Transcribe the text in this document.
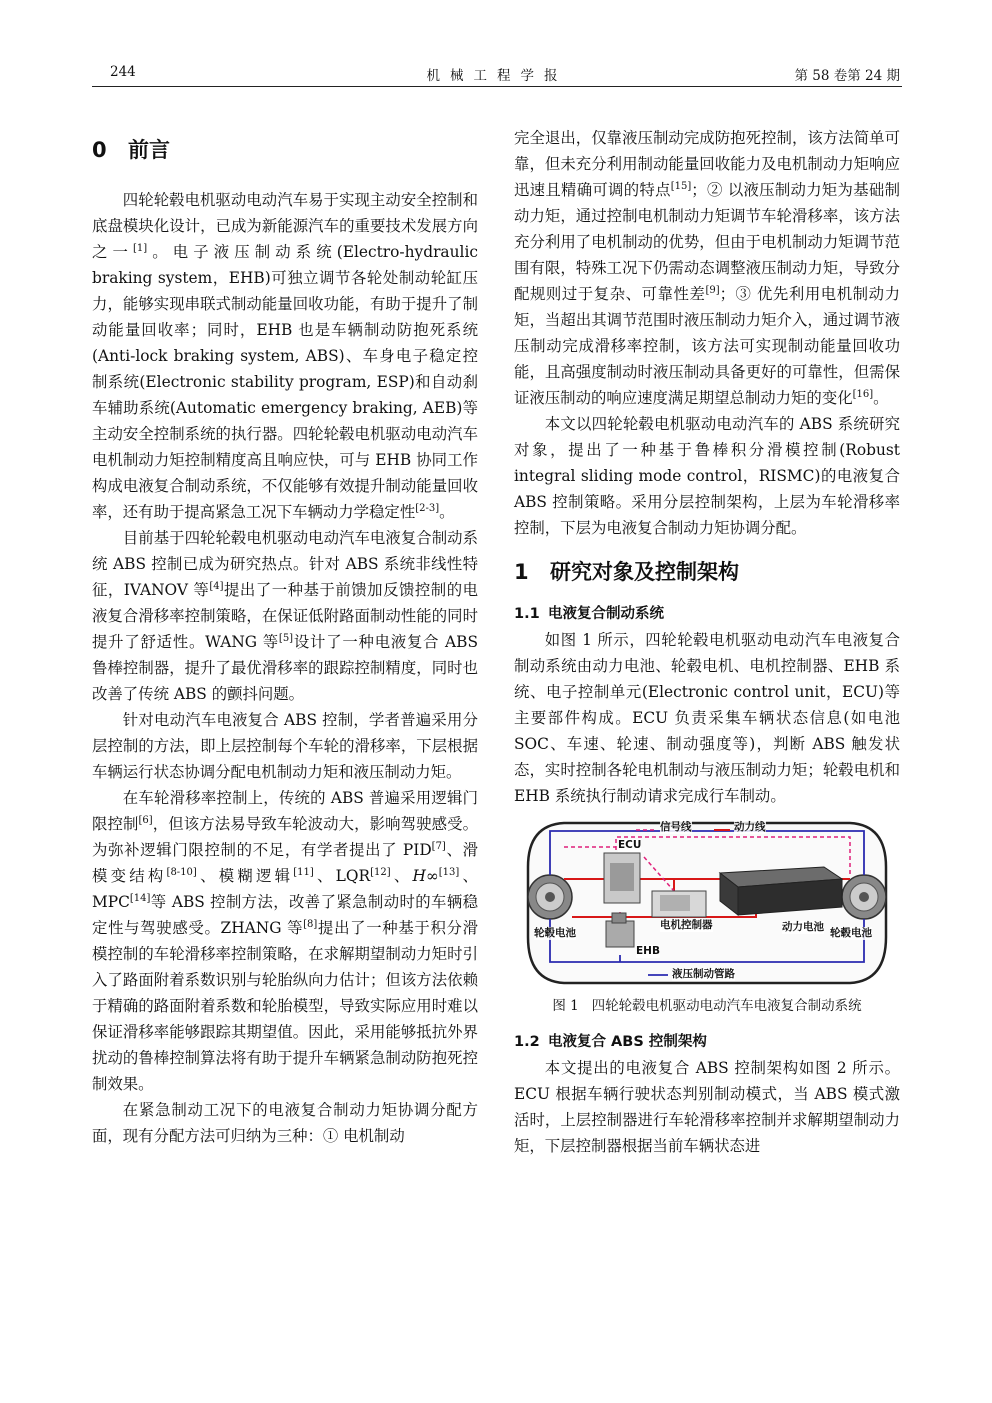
244	机械工程学报	第 58 卷第 24 期
0 前言

四轮轮毂电机驱动电动汽车易于实现主动安全控制和底盘模块化设计，已成为新能源汽车的重要技术发展方向之一[1]。电子液压制动系统(Electro-hydraulic braking system，EHB)可独立调节各轮处制动轮缸压力，能够实现串联式制动能量回收功能，有助于提升了制动能量回收率；同时，EHB 也是车辆制动防抱死系统(Anti-lock braking system, ABS)、车身电子稳定控制系统(Electronic stability program, ESP)和自动刹车辅助系统(Automatic emergency braking, AEB)等主动安全控制系统的执行器。四轮轮毂电机驱动电动汽车电机制动力矩控制精度高且响应快，可与 EHB 协同工作构成电液复合制动系统，不仅能够有效提升制动能量回收率，还有助于提高紧急工况下车辆动力学稳定性[2-3]。

目前基于四轮轮毂电机驱动电动汽车电液复合制动系统 ABS 控制已成为研究热点。针对 ABS 系统非线性特征，IVANOV 等[4]提出了一种基于前馈加反馈控制的电液复合滑移率控制策略，在保证低附路面制动性能的同时提升了舒适性。WANG 等[5]设计了一种电液复合 ABS 鲁棒控制器，提升了最优滑移率的跟踪控制精度，同时也改善了传统 ABS 的颤抖问题。

针对电动汽车电液复合 ABS 控制，学者普遍采用分层控制的方法，即上层控制每个车轮的滑移率，下层根据车辆运行状态协调分配电机制动力矩和液压制动力矩。

在车轮滑移率控制上，传统的 ABS 普遍采用逻辑门限控制[6]，但该方法易导致车轮波动大，影响驾驶感受。为弥补逻辑门限控制的不足，有学者提出了 PID[7]、滑模变结构[8-10]、模糊逻辑[11]、LQR[12]、H∞[13]、MPC[14]等 ABS 控制方法，改善了紧急制动时的车辆稳定性与驾驶感受。ZHANG 等[8]提出了一种基于积分滑模控制的车轮滑移率控制策略，在求解期望制动力矩时引入了路面附着系数识别与轮胎纵向力估计；但该方法依赖于精确的路面附着系数和轮胎模型，导致实际应用时难以保证滑移率能够跟踪其期望值。因此，采用能够抵抗外界扰动的鲁棒控制算法将有助于提升车辆紧急制动防抱死控制效果。

在紧急制动工况下的电液复合制动力矩协调分配方面，现有分配方法可归纳为三种：① 电机制动

完全退出，仅靠液压制动完成防抱死控制，该方法简单可靠，但未充分利用制动能量回收能力及电机制动力矩响应迅速且精确可调的特点[15]；② 以液压制动力矩为基础制动力矩，通过控制电机制动力矩调节车轮滑移率，该方法充分利用了电机制动的优势，但由于电机制动力矩调节范围有限，特殊工况下仍需动态调整液压制动力矩，导致分配规则过于复杂、可靠性差[9]；③ 优先利用电机制动力矩，当超出其调节范围时液压制动力矩介入，通过调节液压制动完成滑移率控制，该方法可实现制动能量回收功能，且高强度制动时液压制动具备更好的可靠性，但需保证液压制动的响应速度满足期望总制动力矩的变化[16]。

本文以四轮轮毂电机驱动电动汽车的 ABS 系统研究对象，提出了一种基于鲁棒积分滑模控制(Robust integral sliding mode control，RISMC)的电液复合 ABS 控制策略。采用分层控制架构，上层为车轮滑移率控制，下层为电液复合制动力矩协调分配。

1 研究对象及控制架构
1.1 电液复合制动系统

如图 1 所示，四轮轮毂电机驱动电动汽车电液复合制动系统由动力电池、轮毂电机、电机控制器、EHB 系统、电子控制单元(Electronic control unit，ECU)等主要部件构成。ECU 负责采集车辆状态信息(如电池 SOC、车速、轮速、制动强度等)，判断 ABS 触发状态，实时控制各轮电机制动与液压制动力矩；轮毂电机和 EHB 系统执行制动请求完成行车制动。

信号线	动力线
ECU
轮毂电池
电机控制器	动力电池 轮毂电池
EHB
液压制动管路
图 1 四轮轮毂电机驱动电动汽车电液复合制动系统
1.2 电液复合 ABS 控制架构

本文提出的电液复合 ABS 控制架构如图 2 所示。ECU 根据车辆行驶状态判别制动模式，当 ABS 模式激活时，上层控制器进行车轮滑移率控制并求解期望制动力矩，下层控制器根据当前车辆状态进
